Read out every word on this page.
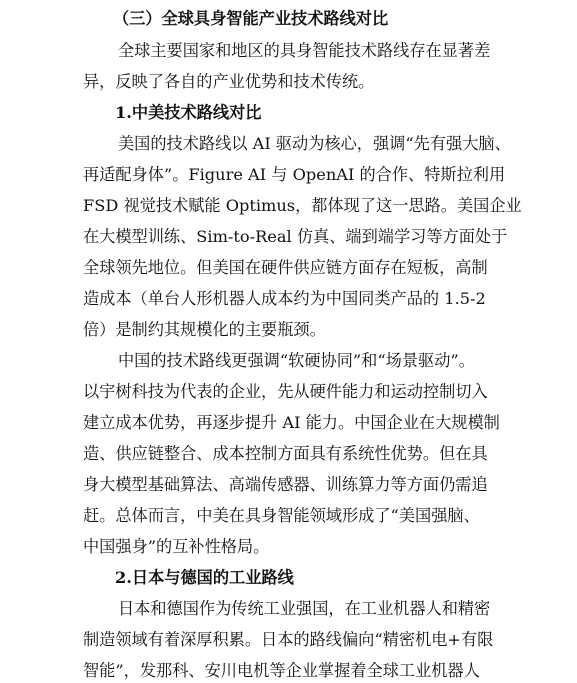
（三）全球具身智能产业技术路线对比
全球主要国家和地区的具身智能技术路线存在显著差
异，反映了各自的产业优势和技术传统。
1.中美技术路线对比
美国的技术路线以 AI 驱动为核心，强调“先有强大脑、
再适配身体”。Figure AI 与 OpenAI 的合作、特斯拉利用
FSD 视觉技术赋能 Optimus，都体现了这一思路。美国企业
在大模型训练、Sim-to-Real 仿真、端到端学习等方面处于
全球领先地位。但美国在硬件供应链方面存在短板，高制
造成本（单台人形机器人成本约为中国同类产品的 1.5-2
倍）是制约其规模化的主要瓶颈。
中国的技术路线更强调“软硬协同”和“场景驱动”。
以宇树科技为代表的企业，先从硬件能力和运动控制切入
建立成本优势，再逐步提升 AI 能力。中国企业在大规模制
造、供应链整合、成本控制方面具有系统性优势。但在具
身大模型基础算法、高端传感器、训练算力等方面仍需追
赶。总体而言，中美在具身智能领域形成了“美国强脑、
中国强身”的互补性格局。
2.日本与德国的工业路线
日本和德国作为传统工业强国，在工业机器人和精密
制造领域有着深厚积累。日本的路线偏向“精密机电+有限
智能”，发那科、安川电机等企业掌握着全球工业机器人
